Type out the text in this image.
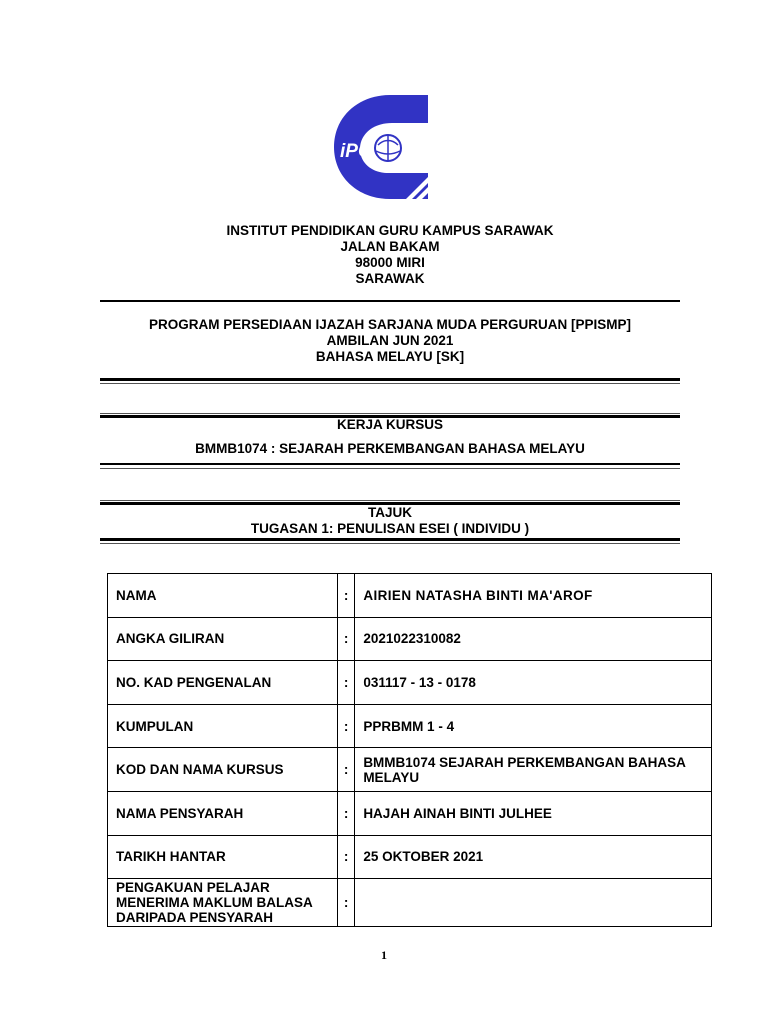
iPG
INSTITUT PENDIDIKAN GURU KAMPUS SARAWAK
JALAN BAKAM
98000 MIRI
SARAWAK
PROGRAM PERSEDIAAN IJAZAH SARJANA MUDA PERGURUAN [PPISMP]
AMBILAN JUN 2021
BAHASA MELAYU [SK]
KERJA KURSUS
BMMB1074 : SEJARAH PERKEMBANGAN BAHASA MELAYU
TAJUK
TUGASAN 1: PENULISAN ESEI ( INDIVIDU )
NAMA	:	AIRIEN NATASHA BINTI MA'AROF
ANGKA GILIRAN	:	2021022310082
NO. KAD PENGENALAN	:	031117 - 13 - 0178
KUMPULAN	:	PPRBMM 1 - 4
KOD DAN NAMA KURSUS	:	BMMB1074 SEJARAH PERKEMBANGAN BAHASA MELAYU
NAMA PENSYARAH	:	HAJAH AINAH BINTI JULHEE
TARIKH HANTAR	:	25 OKTOBER 2021
PENGAKUAN PELAJAR MENERIMA MAKLUM BALASA DARIPADA PENSYARAH	:	
1
